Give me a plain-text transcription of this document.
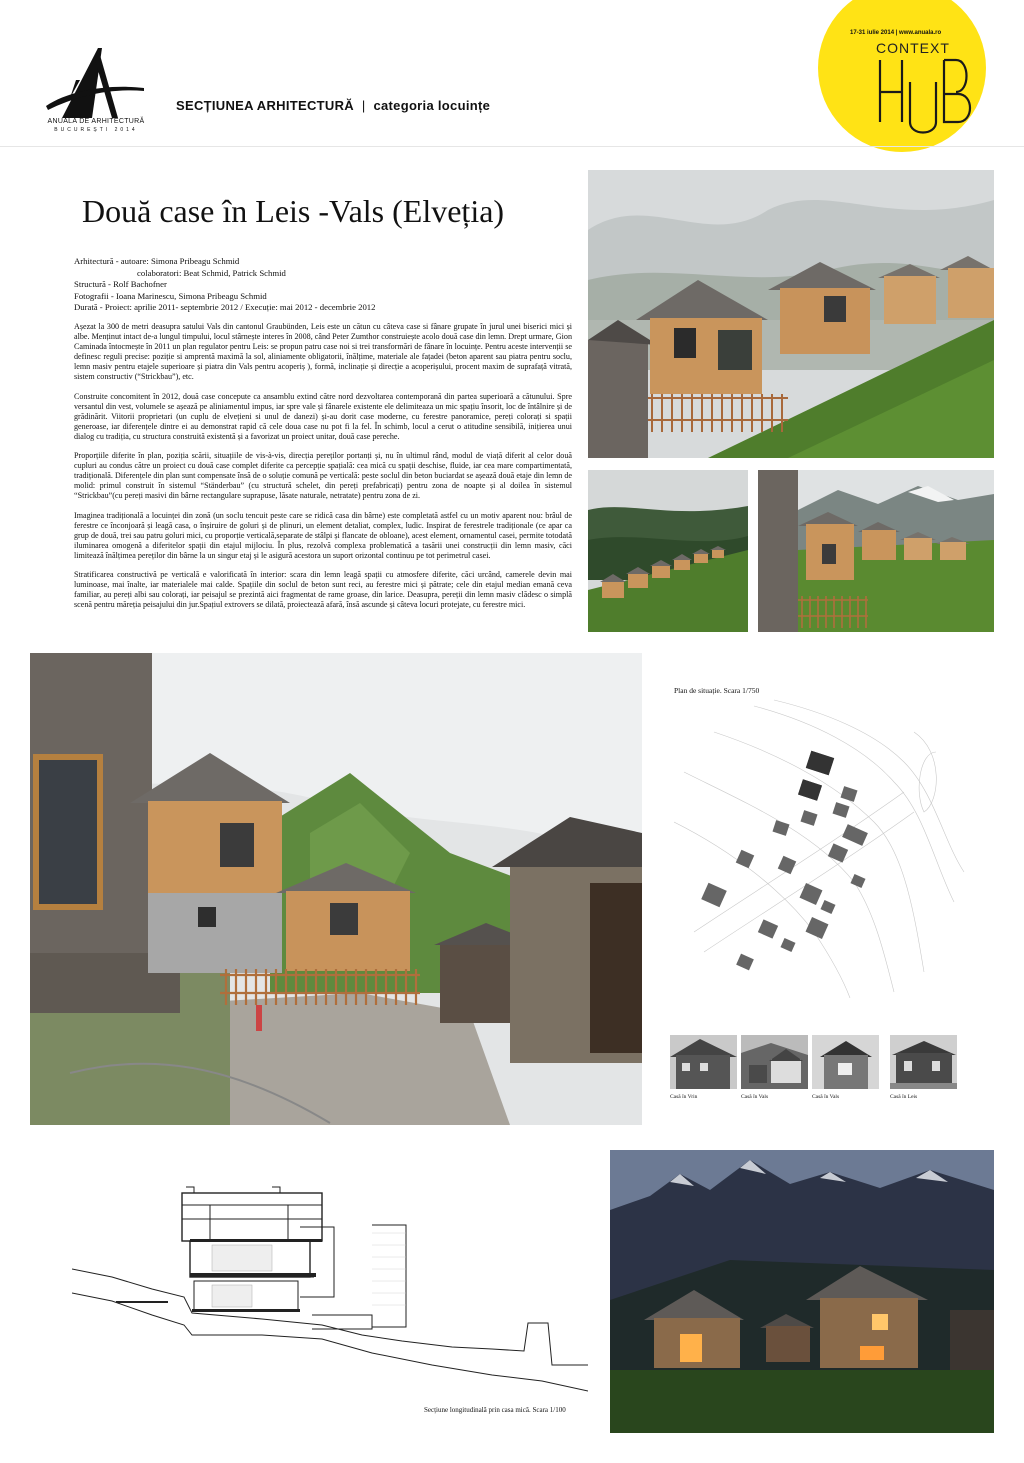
ANUALA DE ARHITECTURĂ
BUCUREȘTI 2014
SECȚIUNEA ARHITECTURĂ | categoria locuințe
17-31 iulie 2014 | www.anuala.ro
CONTEXT
HUB
Două case în Leis -Vals (Elveția)
Arhitectură - autoare: Simona Pribeagu Schmid
colaboratori: Beat Schmid, Patrick Schmid
Structură - Rolf Bachofner
Fotografii - Ioana Marinescu, Simona Pribeagu Schmid
Durată - Proiect: aprilie 2011- septembrie 2012 / Execuție: mai 2012 - decembrie 2012

Așezat la 300 de metri deasupra satului Vals din cantonul Graubünden, Leis este un cătun cu câteva case si fânare grupate în jurul unei biserici mici și albe. Menținut intact de-a lungul timpului, locul stârnește interes în 2008, când Peter Zumthor construiește acolo două case din lemn. Drept urmare, Gion Caminada întocmește în 2011 un plan regulator pentru Leis: se propun patru case noi si trei transformări de fânare în locuințe. Pentru aceste intervenții se definesc reguli precise: poziție si amprentă maximă la sol, aliniamente obligatorii, înălțime, materiale ale fațadei (beton aparent sau piatra pentru soclu, lemn masiv pentru etajele superioare și piatra din Vals pentru acoperiș ), formă, inclinație și direcție a acoperișului, procent maxim de suprafață vitrată, sistem constructiv (“Strickbau”), etc.

Construite concomitent în 2012, două case concepute ca ansamblu extind către nord dezvoltarea contemporană din partea superioară a cătunului. Spre versantul din vest, volumele se așează pe aliniamentul impus, iar spre vale și fânarele existente ele delimiteaza un mic spațiu însorit, loc de întâlnire și de grădinărit. Viitorii proprietari (un cuplu de elvețieni si unul de danezi) și-au dorit case moderne, cu ferestre panoramice, pereți colorați si spații generoase, iar diferențele dintre ei au demonstrat rapid că cele doua case nu pot fi la fel. În schimb, locul a cerut o atitudine sensibilă, inițierea unui dialog cu tradiția, cu structura construită existentă și a favorizat un proiect unitar, două case pereche.

Proporțiile diferite în plan, poziția scării, situațiile de vis-à-vis, direcția pereților portanți și, nu în ultimul rând, modul de viață diferit al celor două cupluri au condus către un proiect cu două case complet diferite ca percepție spațială: cea mică cu spații deschise, fluide, iar cea mare compartimentată, tradițională. Diferențele din plan sunt compensate însă de o soluție comună pe verticală: peste soclul din beton buciardat se așează două etaje din lemn de molid: primul construit în sistemul “Ständerbau” (cu structură schelet, din pereți prefabricați) pentru zona de noapte și al doilea în sistemul “Strickbau”(cu pereți masivi din bârne rectangulare suprapuse, lăsate naturale, netratate) pentru zona de zi.

Imaginea tradițională a locuinței din zonă (un soclu tencuit peste care se ridică casa din bârne) este completată astfel cu un motiv aparent nou: brâul de ferestre ce înconjoară și leagă casa, o înșiruire de goluri și de plinuri, un element detaliat, complex, ludic. Inspirat de ferestrele tradiționale (ce apar ca grup de două, trei sau patru goluri mici, cu proporție verticală,separate de stâlpi și flancate de obloane), acest element, ornamentul casei, permite totodată iluminarea omogenă a diferitelor spații din etajul mijlociu. În plus, rezolvă complexa problematică a tasării unei construcții din lemn masiv, căci limitează înălțimea pereților din bârne la un singur etaj și le asigură acestora un suport orizontal continuu pe tot perimetrul casei.

Stratificarea constructivă pe verticală e valorificată în interior: scara din lemn leagă spații cu atmosfere diferite, căci urcând, camerele devin mai luminoase, mai înalte, iar materialele mai calde. Spațiile din soclul de beton sunt reci, au ferestre mici și pătrate; cele din etajul median emană ceva familiar, au pereți albi sau colorați, iar peisajul se prezintă aici fragmentat de rame groase, din larice. Deasupra, pereții din lemn masiv clădesc o simplă scenă pentru măreția peisajului din jur.Spațiul extrovers se dilată, proiectează afară, însă ascunde și câteva locuri protejate, cu ferestre mici.

Plan de situație. Scara 1/750
Casă în Vrin	Casă în Vals	Casă în Vals	Casă în Leis
Secțiune longitudinală prin casa mică. Scara 1/100
